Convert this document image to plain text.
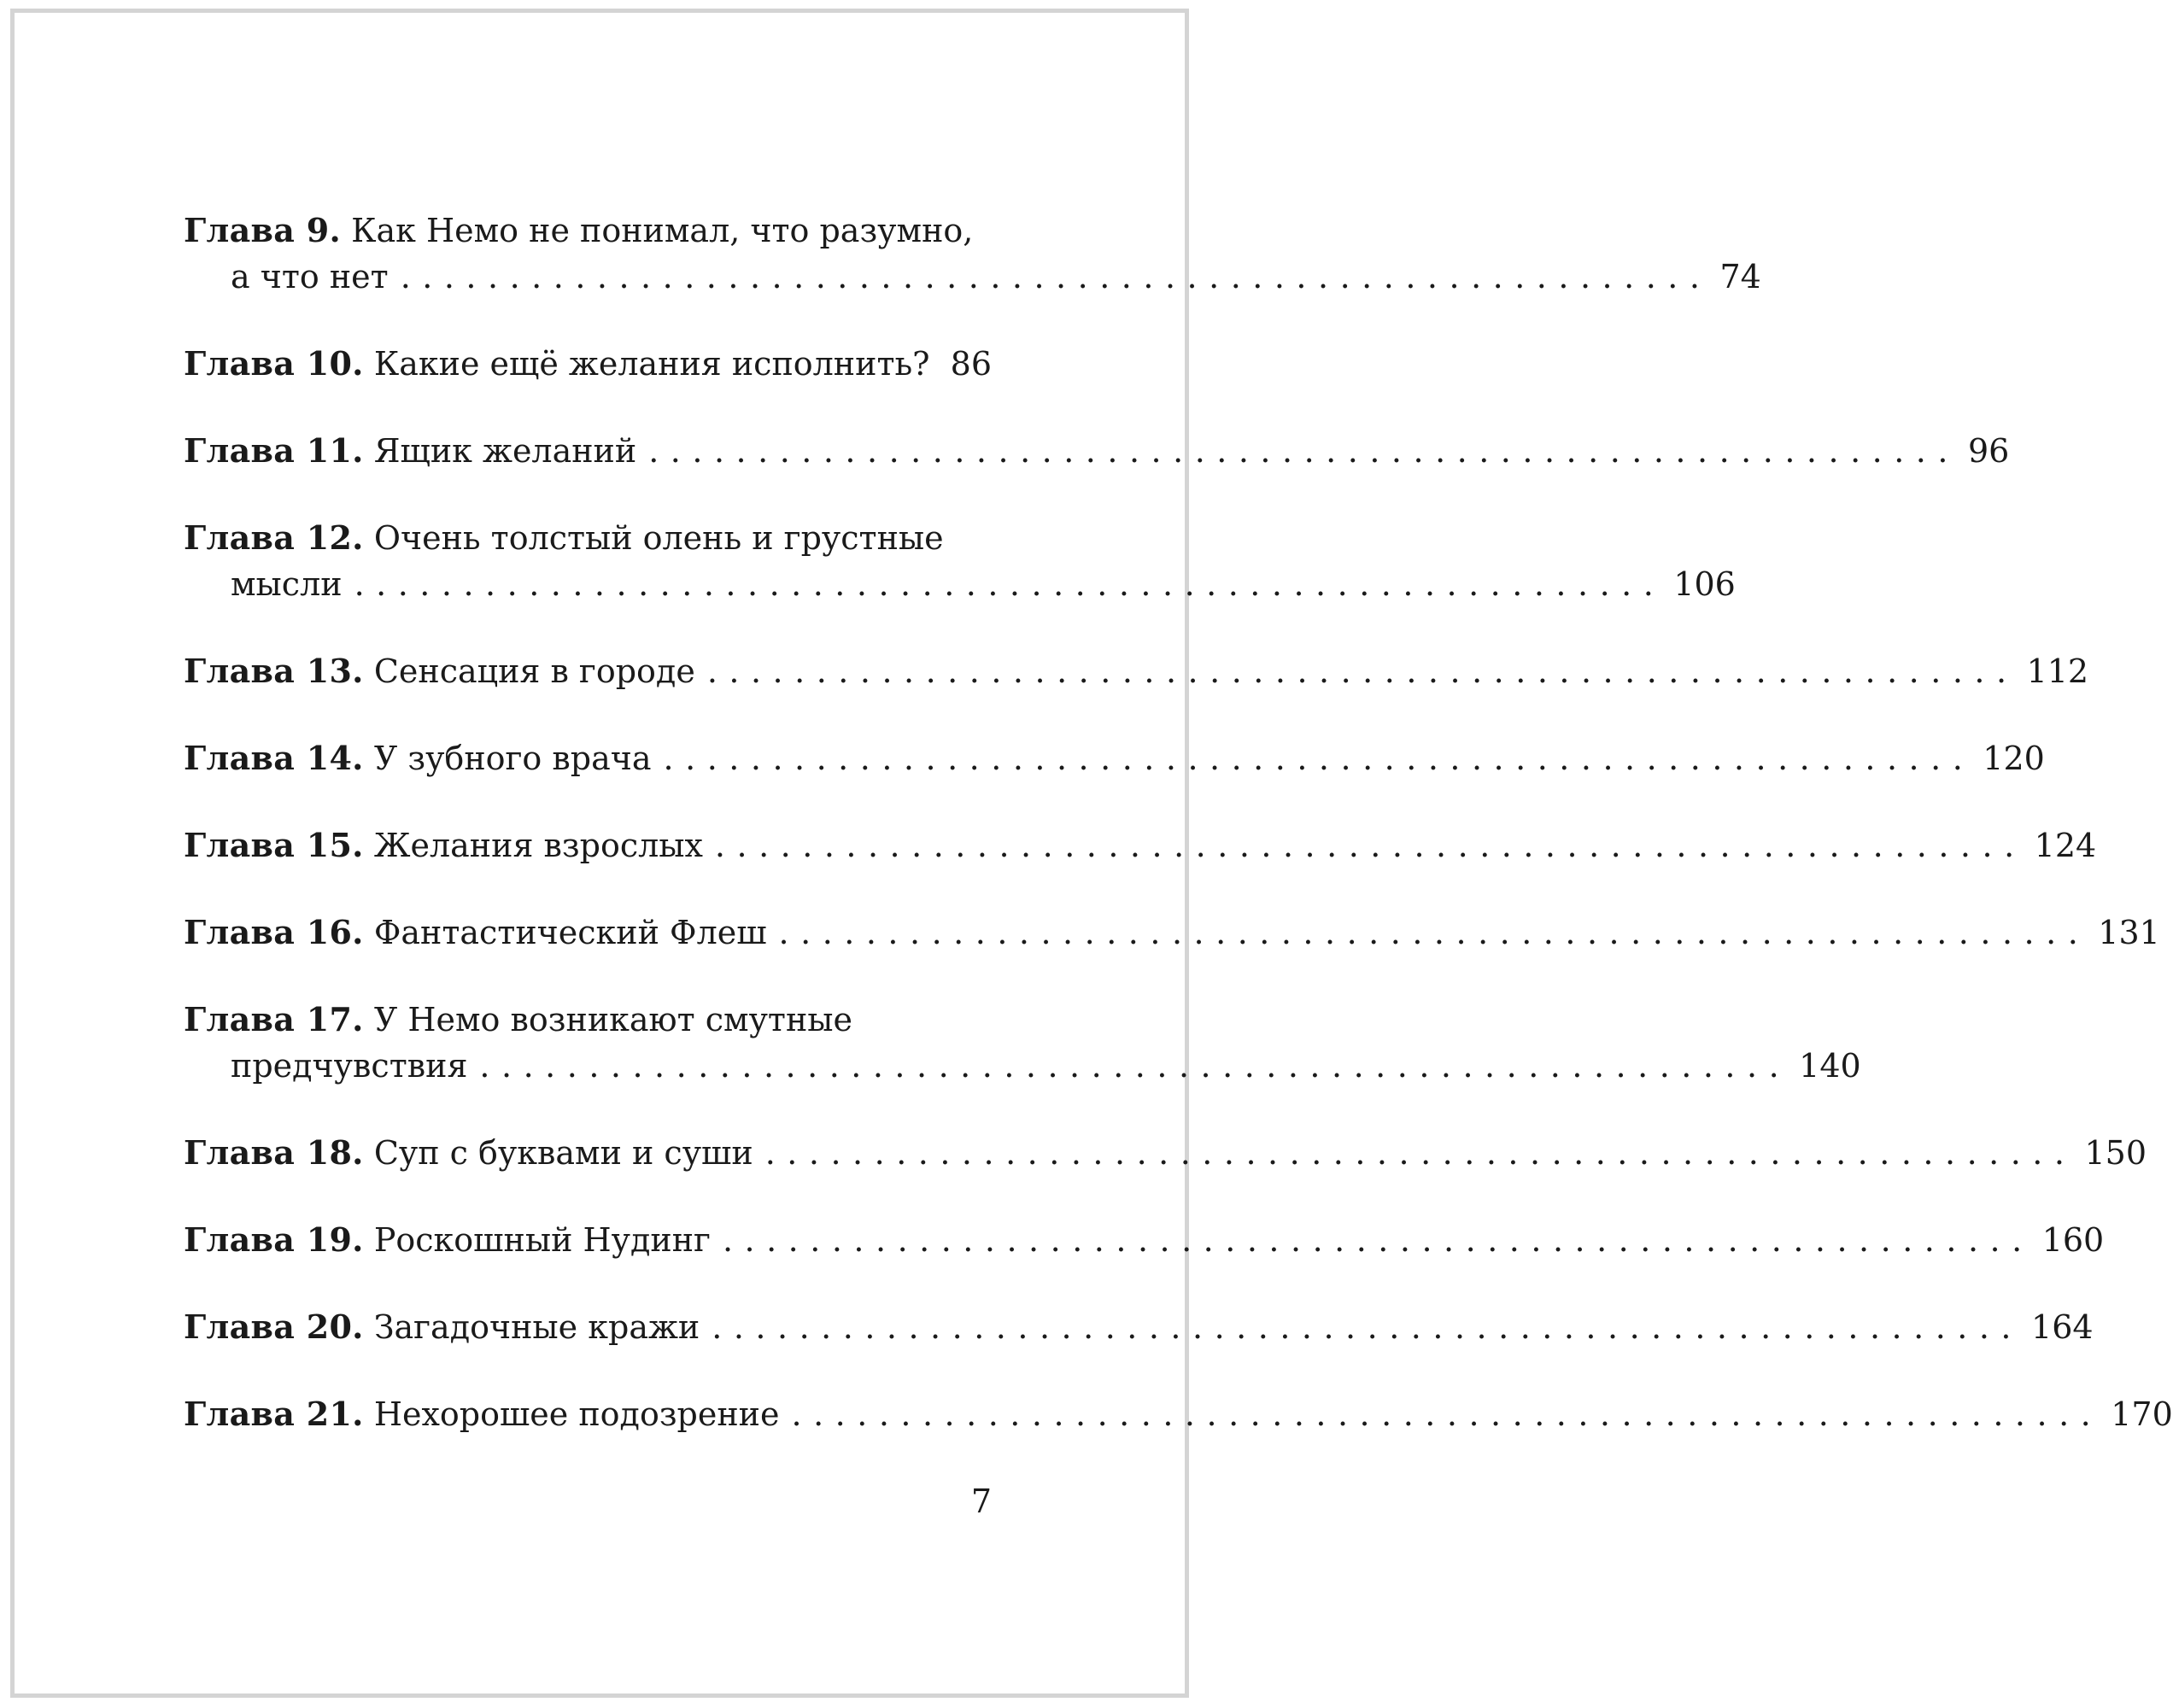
Глава 9.
Как Немо не понимал, что разумно,
а что нет ............................................................ 74
Глава 10.
Какие ещё желания исполнить? 86
Глава 11.
Ящик желаний ............................................................ 96
Глава 12.
Очень толстый олень и грустные
мысли ............................................................ 106
Глава 13.
Сенсация в городе ............................................................ 112
Глава 14.
У зубного врача ............................................................ 120
Глава 15.
Желания взрослых ............................................................ 124
Глава 16.
Фантастический Флеш ............................................................ 131
Глава 17.
У Немо возникают смутные
предчувствия ............................................................ 140
Глава 18.
Суп с буквами и суши ............................................................ 150
Глава 19.
Роскошный Нудинг ............................................................ 160
Глава 20.
Загадочные кражи ............................................................ 164
Глава 21.
Нехорошее подозрение ............................................................ 170
7
